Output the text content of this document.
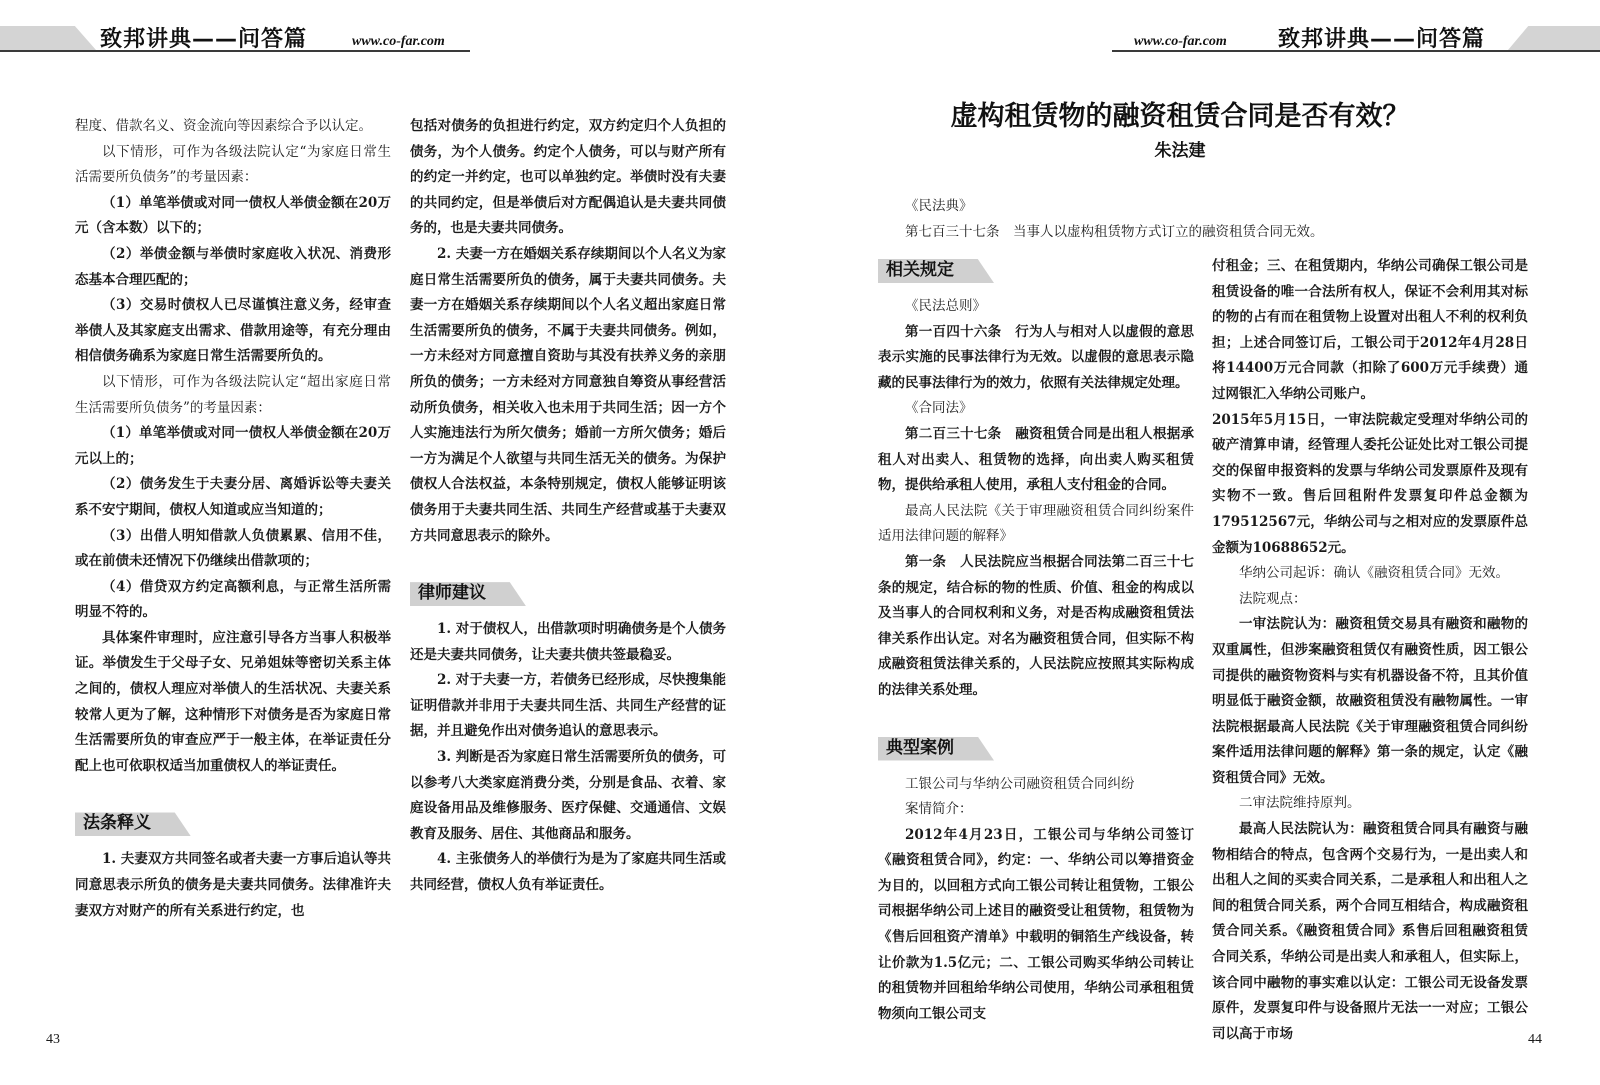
致邦讲典——问答篇	www.co-far.com	www.co-far.com 致邦讲典——问答篇

程度、借款名义、资金流向等因素综合予以认定。

以下情形，可作为各级法院认定“为家庭日常生活需要所负债务”的考量因素：

（1）单笔举债或对同一债权人举债金额在20万元（含本数）以下的；

（2）举债金额与举债时家庭收入状况、消费形态基本合理匹配的；

（3）交易时债权人已尽谨慎注意义务，经审查举债人及其家庭支出需求、借款用途等，有充分理由相信债务确系为家庭日常生活需要所负的。

以下情形，可作为各级法院认定“超出家庭日常生活需要所负债务”的考量因素：

（1）单笔举债或对同一债权人举债金额在20万元以上的；

（2）债务发生于夫妻分居、离婚诉讼等夫妻关系不安宁期间，债权人知道或应当知道的；

（3）出借人明知借款人负债累累、信用不佳，或在前债未还情况下仍继续出借款项的；

（4）借贷双方约定高额利息，与正常生活所需明显不符的。

具体案件审理时，应注意引导各方当事人积极举证。举债发生于父母子女、兄弟姐妹等密切关系主体之间的，债权人理应对举债人的生活状况、夫妻关系较常人更为了解，这种情形下对债务是否为家庭日常生活需要所负的审查应严于一般主体，在举证责任分配上也可依职权适当加重债权人的举证责任。

法条释义

1. 夫妻双方共同签名或者夫妻一方事后追认等共同意思表示所负的债务是夫妻共同债务。法律准许夫妻双方对财产的所有关系进行约定，也

包括对债务的负担进行约定，双方约定归个人负担的债务，为个人债务。约定个人债务，可以与财产所有的约定一并约定，也可以单独约定。举债时没有夫妻的共同约定，但是举债后对方配偶追认是夫妻共同债务的，也是夫妻共同债务。

2. 夫妻一方在婚姻关系存续期间以个人名义为家庭日常生活需要所负的债务，属于夫妻共同债务。夫妻一方在婚姻关系存续期间以个人名义超出家庭日常生活需要所负的债务，不属于夫妻共同债务。例如，一方未经对方同意擅自资助与其没有扶养义务的亲朋所负的债务；一方未经对方同意独自筹资从事经营活动所负债务，相关收入也未用于共同生活；因一方个人实施违法行为所欠债务；婚前一方所欠债务；婚后一方为满足个人欲望与共同生活无关的债务。为保护债权人合法权益，本条特别规定，债权人能够证明该债务用于夫妻共同生活、共同生产经营或基于夫妻双方共同意思表示的除外。

律师建议

1. 对于债权人，出借款项时明确债务是个人债务还是夫妻共同债务，让夫妻共债共签最稳妥。

2. 对于夫妻一方，若债务已经形成，尽快搜集能证明借款并非用于夫妻共同生活、共同生产经营的证据，并且避免作出对债务追认的意思表示。

3. 判断是否为家庭日常生活需要所负的债务，可以参考八大类家庭消费分类，分别是食品、衣着、家庭设备用品及维修服务、医疗保健、交通通信、文娱教育及服务、居住、其他商品和服务。

4. 主张债务人的举债行为是为了家庭共同生活或共同经营，债权人负有举证责任。

虚构租赁物的融资租赁合同是否有效？
朱法建

《民法典》

第七百三十七条　当事人以虚构租赁物方式订立的融资租赁合同无效。

相关规定

《民法总则》

第一百四十六条　行为人与相对人以虚假的意思表示实施的民事法律行为无效。以虚假的意思表示隐藏的民事法律行为的效力，依照有关法律规定处理。

《合同法》

第二百三十七条　融资租赁合同是出租人根据承租人对出卖人、租赁物的选择，向出卖人购买租赁物，提供给承租人使用，承租人支付租金的合同。

最高人民法院《关于审理融资租赁合同纠纷案件适用法律问题的解释》

第一条　人民法院应当根据合同法第二百三十七条的规定，结合标的物的性质、价值、租金的构成以及当事人的合同权利和义务，对是否构成融资租赁法律关系作出认定。对名为融资租赁合同，但实际不构成融资租赁法律关系的，人民法院应按照其实际构成的法律关系处理。

典型案例

工银公司与华纳公司融资租赁合同纠纷

案情简介：

2012年4月23日，工银公司与华纳公司签订《融资租赁合同》，约定：一、华纳公司以筹措资金为目的，以回租方式向工银公司转让租赁物，工银公司根据华纳公司上述目的融资受让租赁物，租赁物为《售后回租资产清单》中载明的铜箔生产线设备，转让价款为1.5亿元；二、工银公司购买华纳公司转让的租赁物并回租给华纳公司使用，华纳公司承租租赁物须向工银公司支

付租金；三、在租赁期内，华纳公司确保工银公司是租赁设备的唯一合法所有权人，保证不会利用其对标的物的占有而在租赁物上设置对出租人不利的权利负担；上述合同签订后，工银公司于2012年4月28日将14400万元合同款（扣除了600万元手续费）通过网银汇入华纳公司账户。

2015年5月15日，一审法院裁定受理对华纳公司的破产清算申请，经管理人委托公证处比对工银公司提交的保留申报资料的发票与华纳公司发票原件及现有实物不一致。售后回租附件发票复印件总金额为179512567元，华纳公司与之相对应的发票原件总金额为10688652元。

华纳公司起诉：确认《融资租赁合同》无效。

法院观点：

一审法院认为：融资租赁交易具有融资和融物的双重属性，但涉案融资租赁仅有融资性质，因工银公司提供的融资物资料与实有机器设备不符，且其价值明显低于融资金额，故融资租赁没有融物属性。一审法院根据最高人民法院《关于审理融资租赁合同纠纷案件适用法律问题的解释》第一条的规定，认定《融资租赁合同》无效。

二审法院维持原判。

最高人民法院认为：融资租赁合同具有融资与融物相结合的特点，包含两个交易行为，一是出卖人和出租人之间的买卖合同关系，二是承租人和出租人之间的租赁合同关系，两个合同互相结合，构成融资租赁合同关系。《融资租赁合同》系售后回租融资租赁合同关系，华纳公司是出卖人和承租人，但实际上，该合同中融物的事实难以认定：工银公司无设备发票原件，发票复印件与设备照片无法一一对应；工银公司以高于市场

43	44
